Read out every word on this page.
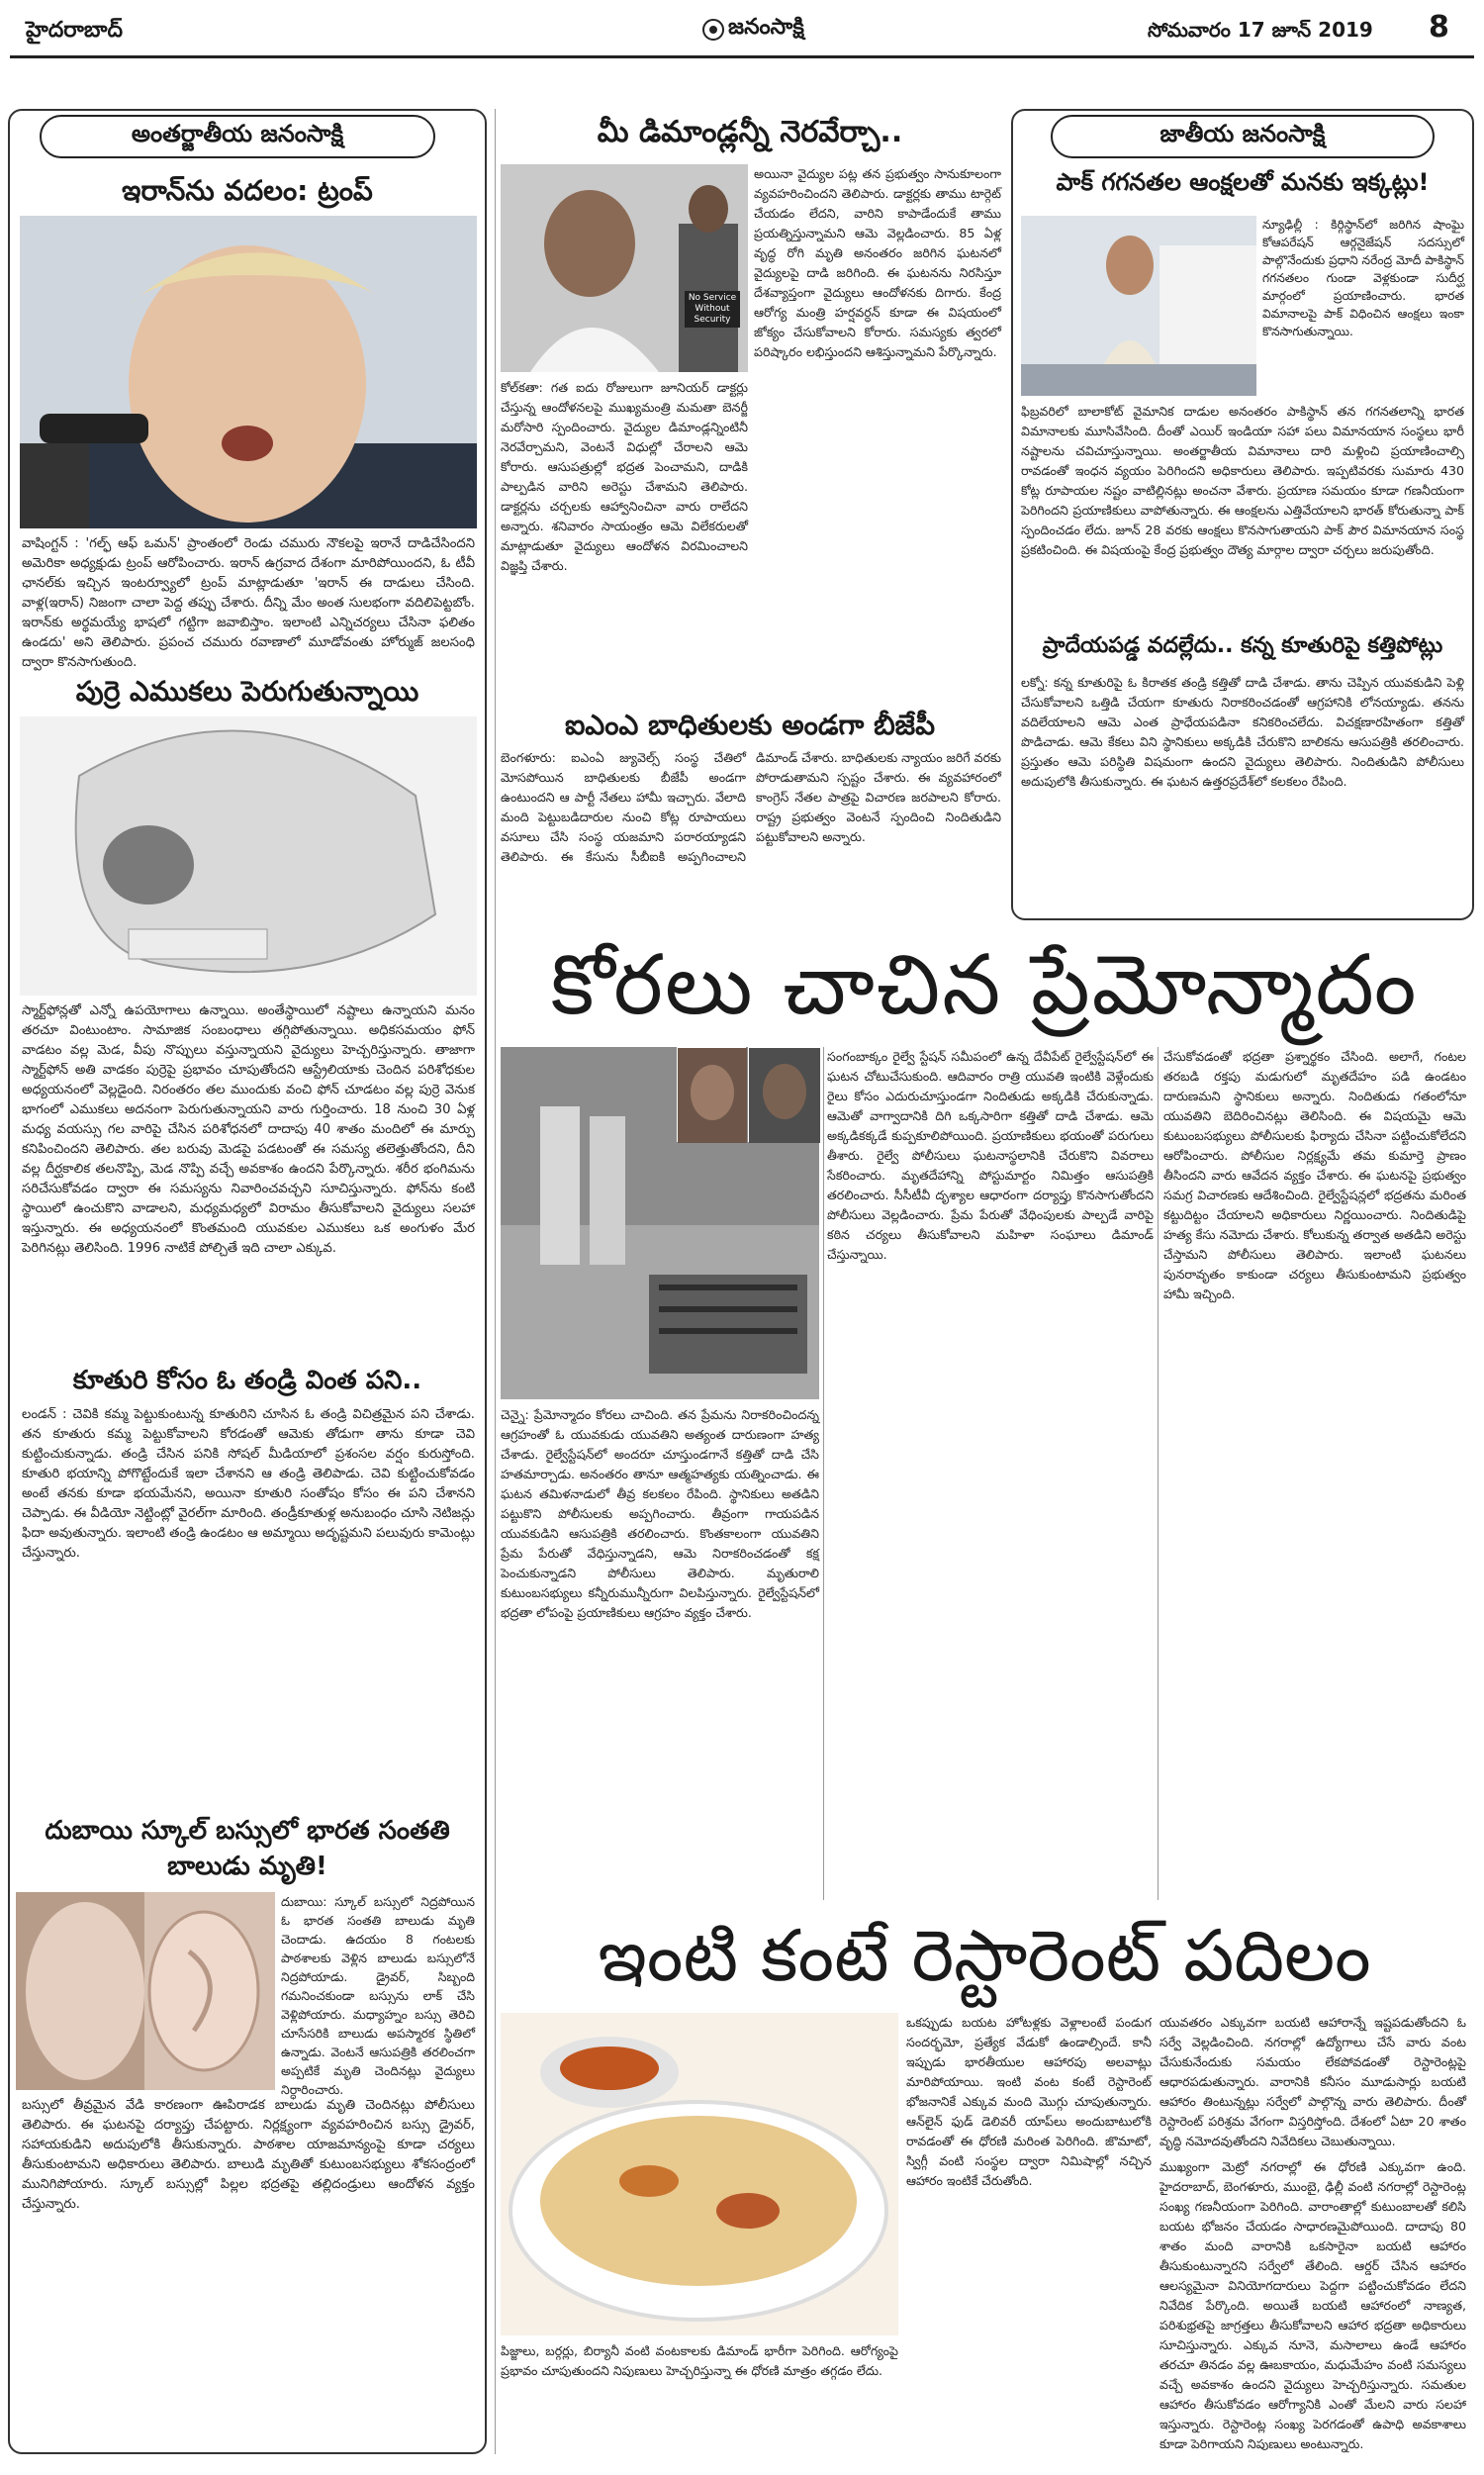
హైదరాబాద్	జనంసాక్షి	సోమవారం 17 జూన్ 2019 8
అంతర్జాతీయ జనంసాక్షి
ఇరాన్‌ను వదలం: ట్రంప్
వాషింగ్టన్ : 'గల్ఫ్ ఆఫ్ ఒమన్' ప్రాంతంలో రెండు చమురు నౌకలపై ఇరానే దాడిచేసిందని అమెరికా అధ్యక్షుడు ట్రంప్ ఆరోపించారు. ఇరాన్ ఉగ్రవాద దేశంగా మారిపోయిందని, ఓ టీవీ ఛానల్‌కు ఇచ్చిన ఇంటర్వ్యూలో ట్రంప్ మాట్లాడుతూ 'ఇరాన్ ఈ దాడులు చేసింది. వాళ్ల(ఇరాన్) నిజంగా చాలా పెద్ద తప్పు చేశారు. దీన్ని మేం అంత సులభంగా వదిలిపెట్టబోం. ఇరాన్‌కు అర్థమయ్యే భాషలో గట్టిగా జవాబిస్తాం. ఇలాంటి ఎన్నిచర్యలు చేసినా ఫలితం ఉండదు' అని తెలిపారు. ప్రపంచ చమురు రవాణాలో మూడోవంతు హోర్ముజ్ జలసంధి ద్వారా కొనసాగుతుంది.
పుర్రె ఎముకలు పెరుగుతున్నాయి
స్మార్ట్‌ఫోన్లతో ఎన్నో ఉపయోగాలు ఉన్నాయి. అంతేస్థాయిలో నష్టాలు ఉన్నాయని మనం తరచూ వింటుంటాం. సామాజిక సంబంధాలు తగ్గిపోతున్నాయి. అధికసమయం ఫోన్ వాడటం వల్ల మెడ, వీపు నొప్పులు వస్తున్నాయని వైద్యులు హెచ్చరిస్తున్నారు. తాజాగా స్మార్ట్‌ఫోన్ అతి వాడకం పుర్రెపై ప్రభావం చూపుతోందని ఆస్ట్రేలియాకు చెందిన పరిశోధకుల అధ్యయనంలో వెల్లడైంది. నిరంతరం తల ముందుకు వంచి ఫోన్ చూడటం వల్ల పుర్రె వెనుక భాగంలో ఎముకలు అదనంగా పెరుగుతున్నాయని వారు గుర్తించారు. 18 నుంచి 30 ఏళ్ల మధ్య వయస్సు గల వారిపై చేసిన పరిశోధనలో దాదాపు 40 శాతం మందిలో ఈ మార్పు కనిపించిందని తెలిపారు. తల బరువు మెడపై పడటంతో ఈ సమస్య తలెత్తుతోందని, దీని వల్ల దీర్ఘకాలిక తలనొప్పి, మెడ నొప్పి వచ్చే అవకాశం ఉందని పేర్కొన్నారు. శరీర భంగిమను సరిచేసుకోవడం ద్వారా ఈ సమస్యను నివారించవచ్చని సూచిస్తున్నారు. ఫోన్‌ను కంటి స్థాయిలో ఉంచుకొని వాడాలని, మధ్యమధ్యలో విరామం తీసుకోవాలని వైద్యులు సలహా ఇస్తున్నారు. ఈ అధ్యయనంలో కొంతమంది యువకుల ఎముకలు ఒక అంగుళం మేర పెరిగినట్లు తెలిసింది. 1996 నాటికే పోల్చితే ఇది చాలా ఎక్కువ.
కూతురి కోసం ఓ తండ్రి వింత పని..
లండన్ : చెవికి కమ్మ పెట్టుకుంటున్న కూతురిని చూసిన ఓ తండ్రి విచిత్రమైన పని చేశాడు. తన కూతురు కమ్మ పెట్టుకోవాలని కోరడంతో ఆమెకు తోడుగా తాను కూడా చెవి కుట్టించుకున్నాడు. తండ్రి చేసిన పనికి సోషల్ మీడియాలో ప్రశంసల వర్షం కురుస్తోంది. కూతురి భయాన్ని పోగొట్టేందుకే ఇలా చేశానని ఆ తండ్రి తెలిపాడు. చెవి కుట్టించుకోవడం అంటే తనకు కూడా భయమేనని, అయినా కూతురి సంతోషం కోసం ఈ పని చేశానని చెప్పాడు. ఈ వీడియో నెట్టింట్లో వైరల్‌గా మారింది. తండ్రీకూతుళ్ల అనుబంధం చూసి నెటిజన్లు ఫిదా అవుతున్నారు. ఇలాంటి తండ్రి ఉండటం ఆ అమ్మాయి అదృష్టమని పలువురు కామెంట్లు చేస్తున్నారు.
దుబాయి స్కూల్ బస్సులో భారత సంతతి బాలుడు మృతి!
దుబాయి: స్కూల్ బస్సులో నిద్రపోయిన ఓ భారత సంతతి బాలుడు మృతి చెందాడు. ఉదయం 8 గంటలకు పాఠశాలకు వెళ్లిన బాలుడు బస్సులోనే నిద్రపోయాడు. డ్రైవర్, సిబ్బంది గమనించకుండా బస్సును లాక్ చేసి వెళ్లిపోయారు. మధ్యాహ్నం బస్సు తెరిచి చూసేసరికి బాలుడు అపస్మారక స్థితిలో ఉన్నాడు. వెంటనే ఆసుపత్రికి తరలించగా అప్పటికే మృతి చెందినట్లు వైద్యులు నిర్ధారించారు.
బస్సులో తీవ్రమైన వేడి కారణంగా ఊపిరాడక బాలుడు మృతి చెందినట్లు పోలీసులు తెలిపారు. ఈ ఘటనపై దర్యాప్తు చేపట్టారు. నిర్లక్ష్యంగా వ్యవహరించిన బస్సు డ్రైవర్, సహాయకుడిని అదుపులోకి తీసుకున్నారు. పాఠశాల యాజమాన్యంపై కూడా చర్యలు తీసుకుంటామని అధికారులు తెలిపారు. బాలుడి మృతితో కుటుంబసభ్యులు శోకసంద్రంలో మునిగిపోయారు. స్కూల్ బస్సుల్లో పిల్లల భద్రతపై తల్లిదండ్రులు ఆందోళన వ్యక్తం చేస్తున్నారు.
మీ డిమాండ్లన్నీ నెరవేర్చా..
No Service Without Security
కోల్‌కతా: గత ఐదు రోజులుగా జూనియర్ డాక్టర్లు చేస్తున్న ఆందోళనలపై ముఖ్యమంత్రి మమతా బెనర్జీ మరోసారి స్పందించారు. వైద్యుల డిమాండ్లన్నింటినీ నెరవేర్చామని, వెంటనే విధుల్లో చేరాలని ఆమె కోరారు. ఆసుపత్రుల్లో భద్రత పెంచామని, దాడికి పాల్పడిన వారిని అరెస్టు చేశామని తెలిపారు. డాక్టర్లను చర్చలకు ఆహ్వానించినా వారు రాలేదని అన్నారు. శనివారం సాయంత్రం ఆమె విలేకరులతో మాట్లాడుతూ వైద్యులు ఆందోళన విరమించాలని విజ్ఞప్తి చేశారు.
అయినా వైద్యుల పట్ల తన ప్రభుత్వం సానుకూలంగా వ్యవహరించిందని తెలిపారు. డాక్టర్లకు తాము టార్గెట్ చేయడం లేదని, వారిని కాపాడేందుకే తాము ప్రయత్నిస్తున్నామని ఆమె వెల్లడించారు. 85 ఏళ్ల వృద్ధ రోగి మృతి అనంతరం జరిగిన ఘటనలో వైద్యులపై దాడి జరిగింది. ఈ ఘటనను నిరసిస్తూ దేశవ్యాప్తంగా వైద్యులు ఆందోళనకు దిగారు. కేంద్ర ఆరోగ్య మంత్రి హర్షవర్ధన్ కూడా ఈ విషయంలో జోక్యం చేసుకోవాలని కోరారు. సమస్యకు త్వరలో పరిష్కారం లభిస్తుందని ఆశిస్తున్నామని పేర్కొన్నారు.
ఐఎంఎ బాధితులకు అండగా బీజేపీ
బెంగళూరు: ఐఎంఏ జ్యువెల్స్ సంస్థ చేతిలో మోసపోయిన బాధితులకు బీజేపీ అండగా ఉంటుందని ఆ పార్టీ నేతలు హామీ ఇచ్చారు. వేలాది మంది పెట్టుబడిదారుల నుంచి కోట్ల రూపాయలు వసూలు చేసి సంస్థ యజమాని పరారయ్యాడని తెలిపారు. ఈ కేసును సీబీఐకి అప్పగించాలని డిమాండ్ చేశారు. బాధితులకు న్యాయం జరిగే వరకు పోరాడుతామని స్పష్టం చేశారు. ఈ వ్యవహారంలో కాంగ్రెస్ నేతల పాత్రపై విచారణ జరపాలని కోరారు. రాష్ట్ర ప్రభుత్వం వెంటనే స్పందించి నిందితుడిని పట్టుకోవాలని అన్నారు.
జాతీయ జనంసాక్షి
పాక్ గగనతల ఆంక్షలతో మనకు ఇక్కట్లు!
న్యూఢిల్లీ : కిర్గిస్థాన్‌లో జరిగిన షాంఘై కోఆపరేషన్ ఆర్గనైజేషన్ సదస్సులో పాల్గొనేందుకు ప్రధాని నరేంద్ర మోదీ పాకిస్థాన్ గగనతలం గుండా వెళ్లకుండా సుదీర్ఘ మార్గంలో ప్రయాణించారు. భారత విమానాలపై పాక్ విధించిన ఆంక్షలు ఇంకా కొనసాగుతున్నాయి.
ఫిబ్రవరిలో బాలాకోట్ వైమానిక దాడుల అనంతరం పాకిస్థాన్ తన గగనతలాన్ని భారత విమానాలకు మూసివేసింది. దీంతో ఎయిర్ ఇండియా సహా పలు విమానయాన సంస్థలు భారీ నష్టాలను చవిచూస్తున్నాయి. అంతర్జాతీయ విమానాలు దారి మళ్లించి ప్రయాణించాల్సి రావడంతో ఇంధన వ్యయం పెరిగిందని అధికారులు తెలిపారు. ఇప్పటివరకు సుమారు 430 కోట్ల రూపాయల నష్టం వాటిల్లినట్లు అంచనా వేశారు. ప్రయాణ సమయం కూడా గణనీయంగా పెరిగిందని ప్రయాణికులు వాపోతున్నారు. ఈ ఆంక్షలను ఎత్తివేయాలని భారత్ కోరుతున్నా పాక్ స్పందించడం లేదు. జూన్ 28 వరకు ఆంక్షలు కొనసాగుతాయని పాక్ పౌర విమానయాన సంస్థ ప్రకటించింది. ఈ విషయంపై కేంద్ర ప్రభుత్వం దౌత్య మార్గాల ద్వారా చర్చలు జరుపుతోంది.
ప్రాదేయపడ్డ వదల్లేదు.. కన్న కూతురిపై కత్తిపోట్లు
లక్నో: కన్న కూతురిపై ఓ కిరాతక తండ్రి కత్తితో దాడి చేశాడు. తాను చెప్పిన యువకుడిని పెళ్లి చేసుకోవాలని ఒత్తిడి చేయగా కూతురు నిరాకరించడంతో ఆగ్రహానికి లోనయ్యాడు. తనను వదిలేయాలని ఆమె ఎంత ప్రాధేయపడినా కనికరించలేదు. విచక్షణారహితంగా కత్తితో పొడిచాడు. ఆమె కేకలు విని స్థానికులు అక్కడికి చేరుకొని బాలికను ఆసుపత్రికి తరలించారు. ప్రస్తుతం ఆమె పరిస్థితి విషమంగా ఉందని వైద్యులు తెలిపారు. నిందితుడిని పోలీసులు అదుపులోకి తీసుకున్నారు. ఈ ఘటన ఉత్తరప్రదేశ్‌లో కలకలం రేపింది.
కోరలు చాచిన ప్రేమోన్మాదం
చెన్నై: ప్రేమోన్మాదం కోరలు చాచింది. తన ప్రేమను నిరాకరించిందన్న ఆగ్రహంతో ఓ యువకుడు యువతిని అత్యంత దారుణంగా హత్య చేశాడు. రైల్వేస్టేషన్‌లో అందరూ చూస్తుండగానే కత్తితో దాడి చేసి హతమార్చాడు. అనంతరం తానూ ఆత్మహత్యకు యత్నించాడు. ఈ ఘటన తమిళనాడులో తీవ్ర కలకలం రేపింది. స్థానికులు అతడిని పట్టుకొని పోలీసులకు అప్పగించారు. తీవ్రంగా గాయపడిన యువకుడిని ఆసుపత్రికి తరలించారు. కొంతకాలంగా యువతిని ప్రేమ పేరుతో వేధిస్తున్నాడని, ఆమె నిరాకరించడంతో కక్ష పెంచుకున్నాడని పోలీసులు తెలిపారు. మృతురాలి కుటుంబసభ్యులు కన్నీరుమున్నీరుగా విలపిస్తున్నారు. రైల్వేస్టేషన్‌లో భద్రతా లోపంపై ప్రయాణికులు ఆగ్రహం వ్యక్తం చేశారు.
సంగంబాక్కం రైల్వే స్టేషన్ సమీపంలో ఉన్న దేవీపేట్ రైల్వేస్టేషన్‌లో ఈ ఘటన చోటుచేసుకుంది. ఆదివారం రాత్రి యువతి ఇంటికి వెళ్లేందుకు రైలు కోసం ఎదురుచూస్తుండగా నిందితుడు అక్కడికి చేరుకున్నాడు. ఆమెతో వాగ్వాదానికి దిగి ఒక్కసారిగా కత్తితో దాడి చేశాడు. ఆమె అక్కడికక్కడే కుప్పకూలిపోయింది. ప్రయాణికులు భయంతో పరుగులు తీశారు. రైల్వే పోలీసులు ఘటనాస్థలానికి చేరుకొని వివరాలు సేకరించారు. మృతదేహాన్ని పోస్టుమార్టం నిమిత్తం ఆసుపత్రికి తరలించారు. సీసీటీవీ దృశ్యాల ఆధారంగా దర్యాప్తు కొనసాగుతోందని పోలీసులు వెల్లడించారు. ప్రేమ పేరుతో వేధింపులకు పాల్పడే వారిపై కఠిన చర్యలు తీసుకోవాలని మహిళా సంఘాలు డిమాండ్ చేస్తున్నాయి.
చేసుకోవడంతో భద్రతా ప్రశ్నార్థకం చేసింది. అలాగే, గంటల తరబడి రక్తపు మడుగులో మృతదేహం పడి ఉండటం దారుణమని స్థానికులు అన్నారు. నిందితుడు గతంలోనూ యువతిని బెదిరించినట్లు తెలిసింది. ఈ విషయమై ఆమె కుటుంబసభ్యులు పోలీసులకు ఫిర్యాదు చేసినా పట్టించుకోలేదని ఆరోపించారు. పోలీసుల నిర్లక్ష్యమే తమ కుమార్తె ప్రాణం తీసిందని వారు ఆవేదన వ్యక్తం చేశారు. ఈ ఘటనపై ప్రభుత్వం సమగ్ర విచారణకు ఆదేశించింది. రైల్వేస్టేషన్లలో భద్రతను మరింత కట్టుదిట్టం చేయాలని అధికారులు నిర్ణయించారు. నిందితుడిపై హత్య కేసు నమోదు చేశారు. కోలుకున్న తర్వాత అతడిని అరెస్టు చేస్తామని పోలీసులు తెలిపారు. ఇలాంటి ఘటనలు పునరావృతం కాకుండా చర్యలు తీసుకుంటామని ప్రభుత్వం హామీ ఇచ్చింది.
ఇంటి కంటే రెస్టారెంట్ పదిలం
పిజ్జాలు, బర్గర్లు, బిర్యానీ వంటి వంటకాలకు డిమాండ్ భారీగా పెరిగింది. ఆరోగ్యంపై ప్రభావం చూపుతుందని నిపుణులు హెచ్చరిస్తున్నా ఈ ధోరణి మాత్రం తగ్గడం లేదు.
ఒకప్పుడు బయట హోటళ్లకు వెళ్లాలంటే పండుగ సందర్భమో, ప్రత్యేక వేడుకో ఉండాల్సిందే. కానీ ఇప్పుడు భారతీయుల ఆహారపు అలవాట్లు మారిపోయాయి. ఇంటి వంట కంటే రెస్టారెంట్ భోజనానికే ఎక్కువ మంది మొగ్గు చూపుతున్నారు. ఆన్‌లైన్ ఫుడ్ డెలివరీ యాప్‌లు అందుబాటులోకి రావడంతో ఈ ధోరణి మరింత పెరిగింది. జొమాటో, స్విగ్గీ వంటి సంస్థల ద్వారా నిమిషాల్లో నచ్చిన ఆహారం ఇంటికే చేరుతోంది.
యువతరం ఎక్కువగా బయటి ఆహారాన్నే ఇష్టపడుతోందని ఓ సర్వే వెల్లడించింది. నగరాల్లో ఉద్యోగాలు చేసే వారు వంట చేసుకునేందుకు సమయం లేకపోవడంతో రెస్టారెంట్లపై ఆధారపడుతున్నారు. వారానికి కనీసం మూడుసార్లు బయటి ఆహారం తింటున్నట్లు సర్వేలో పాల్గొన్న వారు తెలిపారు. దీంతో రెస్టారెంట్ పరిశ్రమ వేగంగా విస్తరిస్తోంది. దేశంలో ఏటా 20 శాతం వృద్ధి నమోదవుతోందని నివేదికలు చెబుతున్నాయి.
ముఖ్యంగా మెట్రో నగరాల్లో ఈ ధోరణి ఎక్కువగా ఉంది. హైదరాబాద్, బెంగళూరు, ముంబై, ఢిల్లీ వంటి నగరాల్లో రెస్టారెంట్ల సంఖ్య గణనీయంగా పెరిగింది. వారాంతాల్లో కుటుంబాలతో కలిసి బయట భోజనం చేయడం సాధారణమైపోయింది. దాదాపు 80 శాతం మంది వారానికి ఒకసారైనా బయటి ఆహారం తీసుకుంటున్నారని సర్వేలో తేలింది. ఆర్డర్ చేసిన ఆహారం ఆలస్యమైనా వినియోగదారులు పెద్దగా పట్టించుకోవడం లేదని నివేదిక పేర్కొంది. అయితే బయటి ఆహారంలో నాణ్యత, పరిశుభ్రతపై జాగ్రత్తలు తీసుకోవాలని ఆహార భద్రతా అధికారులు సూచిస్తున్నారు. ఎక్కువ నూనె, మసాలాలు ఉండే ఆహారం తరచూ తినడం వల్ల ఊబకాయం, మధుమేహం వంటి సమస్యలు వచ్చే అవకాశం ఉందని వైద్యులు హెచ్చరిస్తున్నారు. సమతుల ఆహారం తీసుకోవడం ఆరోగ్యానికి ఎంతో మేలని వారు సలహా ఇస్తున్నారు. రెస్టారెంట్ల సంఖ్య పెరగడంతో ఉపాధి అవకాశాలు కూడా పెరిగాయని నిపుణులు అంటున్నారు.
